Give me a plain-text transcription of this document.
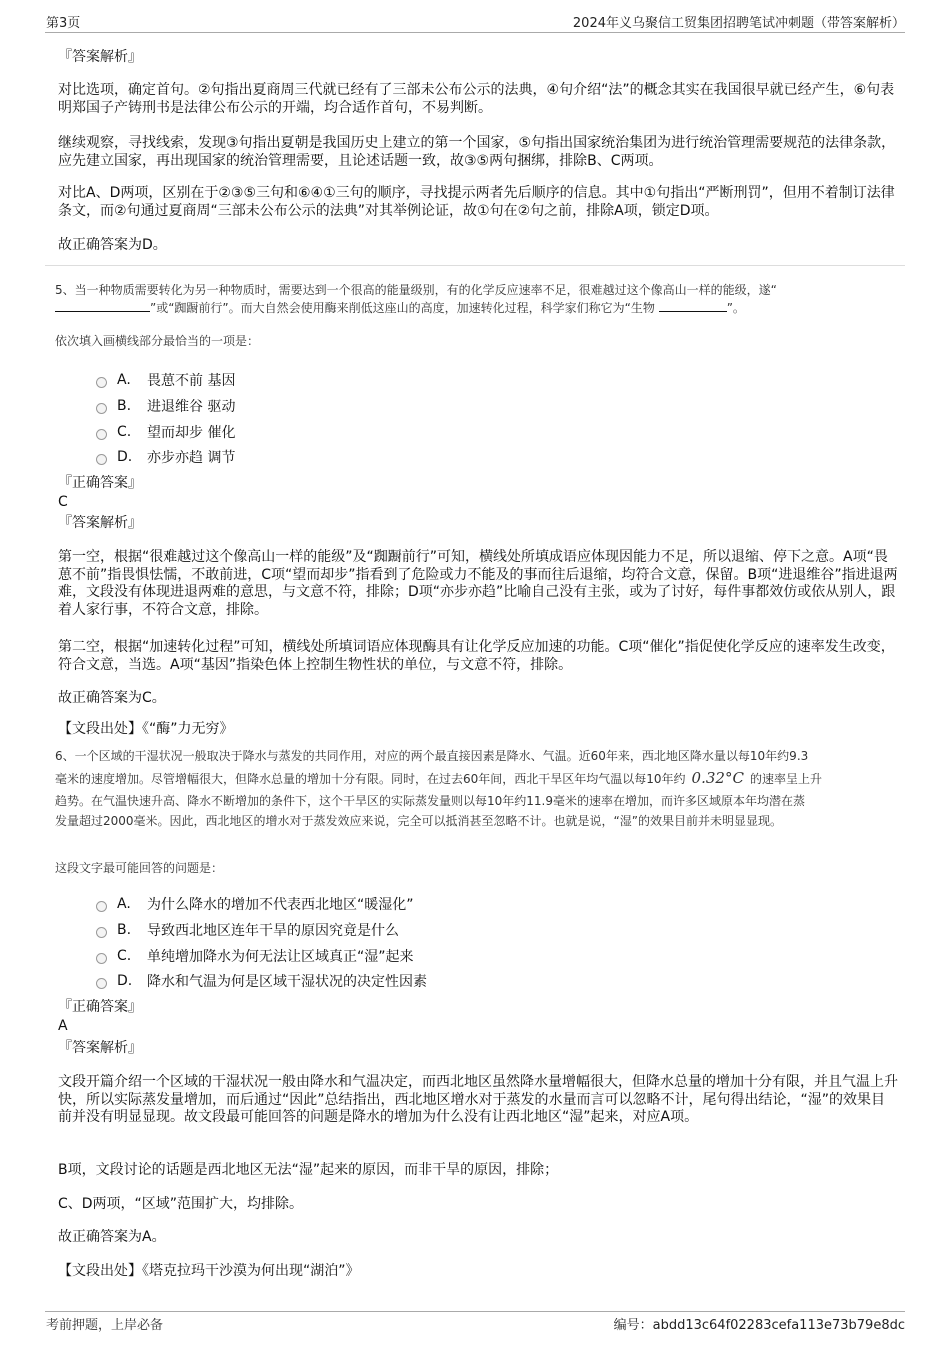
第3页	2024年义乌聚信工贸集团招聘笔试冲刺题（带答案解析）
『答案解析』
对比选项，确定首句。②句指出夏商周三代就已经有了三部未公布公示的法典，④句介绍“法”的概念其实在我国很早就已经产生，⑥句表明郑国子产铸刑书是法律公布公示的开端，均合适作首句，不易判断。
继续观察，寻找线索，发现③句指出夏朝是我国历史上建立的第一个国家，⑤句指出国家统治集团为进行统治管理需要规范的法律条款，应先建立国家，再出现国家的统治管理需要，且论述话题一致，故③⑤两句捆绑，排除B、C两项。
对比A、D两项，区别在于②③⑤三句和⑥④①三句的顺序，寻找提示两者先后顺序的信息。其中①句指出“严断刑罚”，但用不着制订法律条文，而②句通过夏商周“三部未公布公示的法典”对其举例论证，故①句在②句之前，排除A项，锁定D项。
故正确答案为D。
5、当一种物质需要转化为另一种物质时，需要达到一个很高的能量级别，有的化学反应速率不足，很难越过这个像高山一样的能级，遂“
”或“踟蹰前行”。而大自然会使用酶来削低这座山的高度，加速转化过程，科学家们称它为“生物	”。
依次填入画横线部分最恰当的一项是：
A.	畏葸不前 基因
B.	进退维谷 驱动
C.	望而却步 催化
D.	亦步亦趋 调节
『正确答案』
C
『答案解析』
第一空，根据“很难越过这个像高山一样的能级”及“踟蹰前行”可知，横线处所填成语应体现因能力不足，所以退缩、停下之意。A项“畏葸不前”指畏惧怯懦，不敢前进，C项“望而却步”指看到了危险或力不能及的事而往后退缩，均符合文意，保留。B项“进退维谷”指进退两难，文段没有体现进退两难的意思，与文意不符，排除；D项“亦步亦趋”比喻自己没有主张，或为了讨好，每件事都效仿或依从别人，跟着人家行事，不符合文意，排除。
第二空，根据“加速转化过程”可知，横线处所填词语应体现酶具有让化学反应加速的功能。C项“催化”指促使化学反应的速率发生改变，符合文意，当选。A项“基因”指染色体上控制生物性状的单位，与文意不符，排除。
故正确答案为C。
【文段出处】《“酶”力无穷》
6、一个区域的干湿状况一般取决于降水与蒸发的共同作用，对应的两个最直接因素是降水、气温。近60年来，西北地区降水量以每10年约9.3
毫米的速度增加。尽管增幅很大，但降水总量的增加十分有限。同时，在过去60年间，西北干旱区年均气温以每10年约 0.32°C 的速率呈上升
趋势。在气温快速升高、降水不断增加的条件下，这个干旱区的实际蒸发量则以每10年约11.9毫米的速率在增加，而许多区域原本年均潜在蒸
发量超过2000毫米。因此，西北地区的增水对于蒸发效应来说，完全可以抵消甚至忽略不计。也就是说，“湿”的效果目前并未明显显现。
这段文字最可能回答的问题是：
A.	为什么降水的增加不代表西北地区“暖湿化”
B.	导致西北地区连年干旱的原因究竟是什么
C.	单纯增加降水为何无法让区域真正“湿”起来
D.	降水和气温为何是区域干湿状况的决定性因素
『正确答案』
A
『答案解析』
文段开篇介绍一个区域的干湿状况一般由降水和气温决定，而西北地区虽然降水量增幅很大，但降水总量的增加十分有限，并且气温上升快，所以实际蒸发量增加，而后通过“因此”总结指出，西北地区增水对于蒸发的水量而言可以忽略不计，尾句得出结论，“湿”的效果目前并没有明显显现。故文段最可能回答的问题是降水的增加为什么没有让西北地区“湿”起来，对应A项。
B项，文段讨论的话题是西北地区无法“湿”起来的原因，而非干旱的原因，排除；
C、D两项，“区域”范围扩大，均排除。
故正确答案为A。
【文段出处】《塔克拉玛干沙漠为何出现“湖泊”》
考前押题，上岸必备	编号：abdd13c64f02283cefa113e73b79e8dc
